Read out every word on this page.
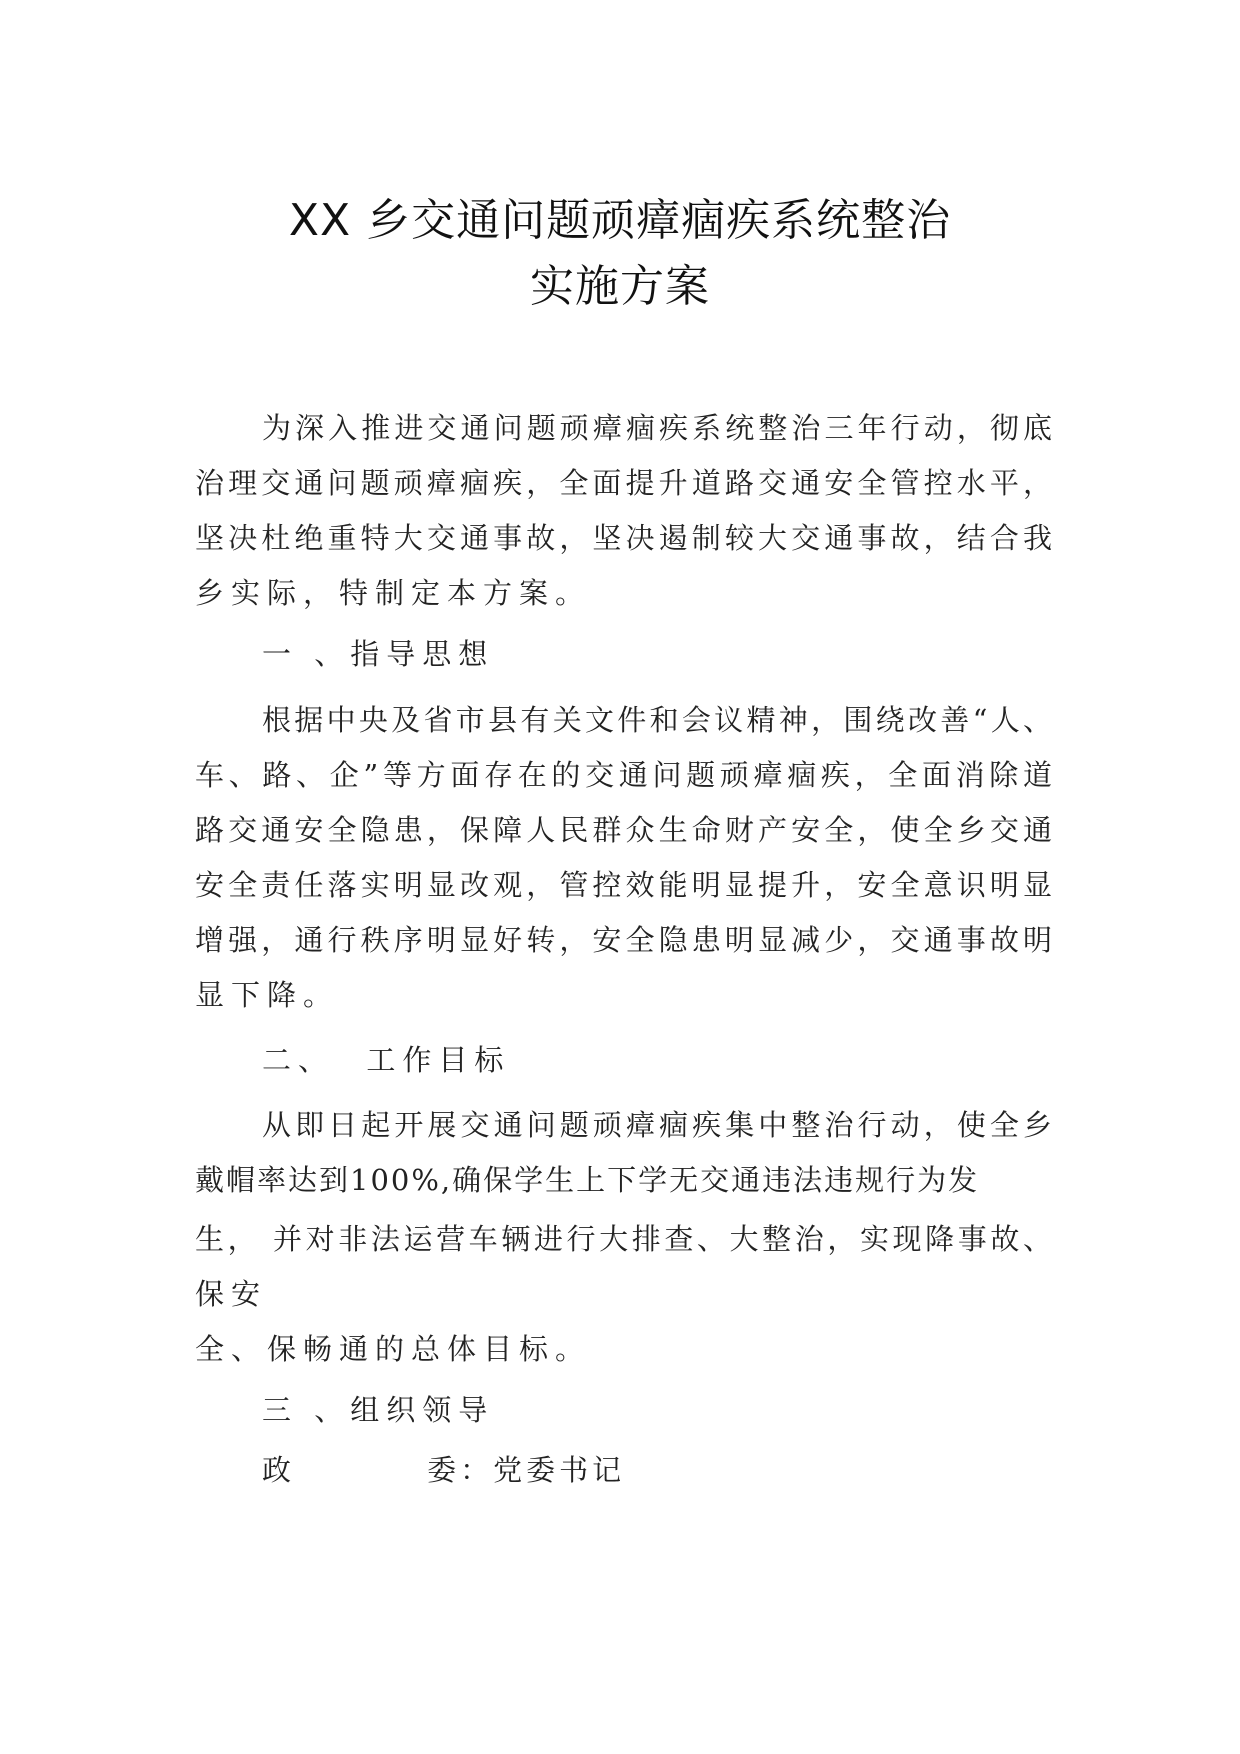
XX 乡交通问题顽瘴痼疾系统整治
实施方案
为深入推进交通问题顽瘴痼疾系统整治三年行动，彻底
治理交通问题顽瘴痼疾，全面提升道路交通安全管控水平，
坚决杜绝重特大交通事故，坚决遏制较大交通事故，结合我
乡实际，特制定本方案。
一 、指导思想
根据中央及省市县有关文件和会议精神，围绕改善“人、
车、路、企”等方面存在的交通问题顽瘴痼疾，全面消除道
路交通安全隐患，保障人民群众生命财产安全，使全乡交通
安全责任落实明显改观，管控效能明显提升，安全意识明显
增强，通行秩序明显好转，安全隐患明显减少，交通事故明
显下降。
二、  工作目标
从即日起开展交通问题顽瘴痼疾集中整治行动，使全乡
戴帽率达到100%,确保学生上下学无交通违法违规行为发
生， 并对非法运营车辆进行大排查、大整治，实现降事故、
保安
全、保畅通的总体目标。
三 、组织领导
政          委：党委书记
